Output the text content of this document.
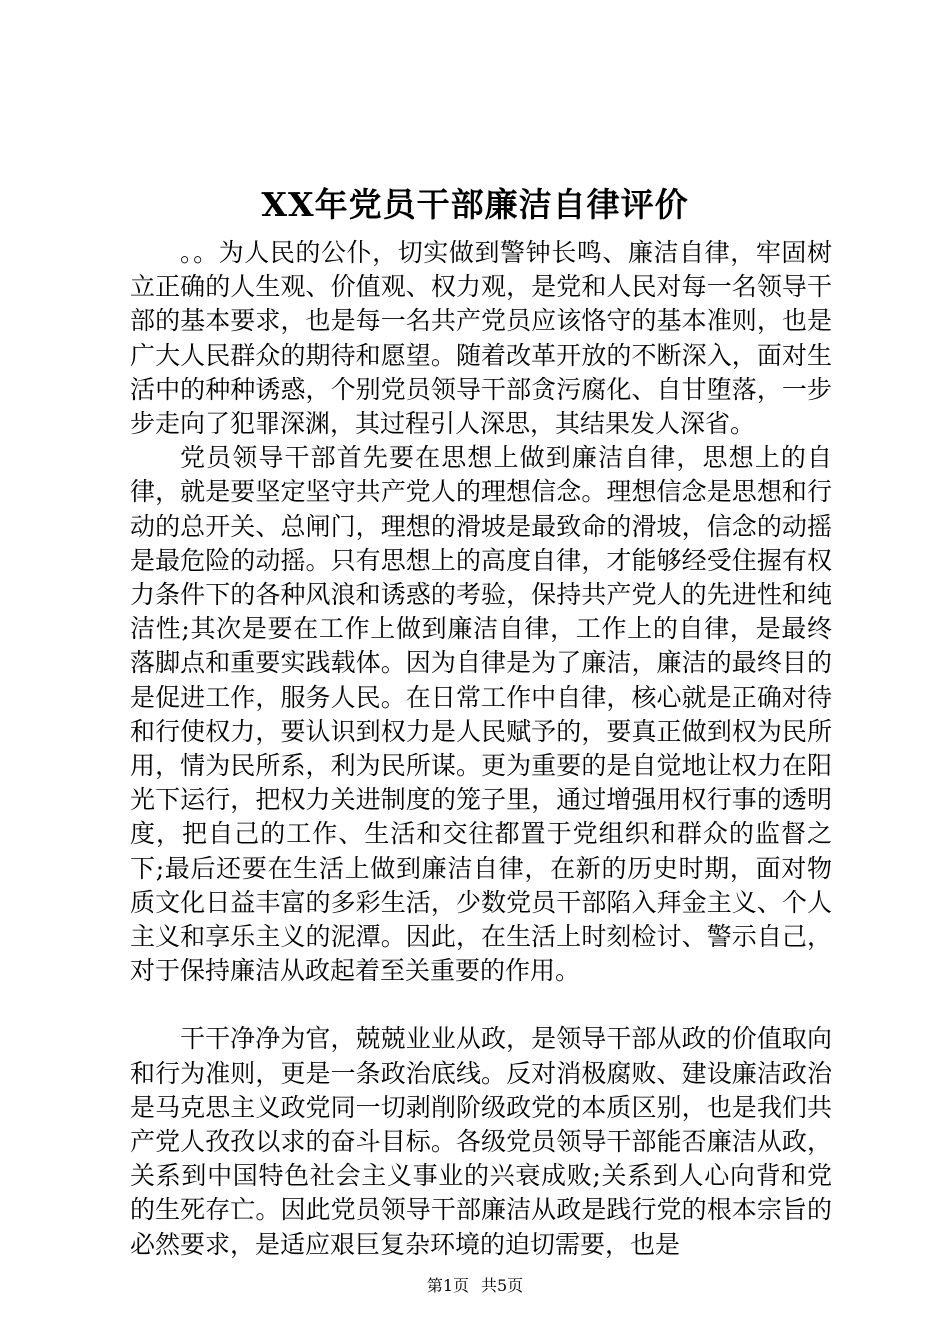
XX年党员干部廉洁自律评价

。。为人民的公仆，切实做到警钟长鸣、廉洁自律，牢固树立正确的人生观、价值观、权力观，是党和人民对每一名领导干部的基本要求，也是每一名共产党员应该恪守的基本准则，也是广大人民群众的期待和愿望。随着改革开放的不断深入，面对生活中的种种诱惑，个别党员领导干部贪污腐化、自甘堕落，一步步走向了犯罪深渊，其过程引人深思，其结果发人深省。

党员领导干部首先要在思想上做到廉洁自律，思想上的自律，就是要坚定坚守共产党人的理想信念。理想信念是思想和行动的总开关、总闸门，理想的滑坡是最致命的滑坡，信念的动摇是最危险的动摇。只有思想上的高度自律，才能够经受住握有权力条件下的各种风浪和诱惑的考验，保持共产党人的先进性和纯洁性;其次是要在工作上做到廉洁自律，工作上的自律，是最终落脚点和重要实践载体。因为自律是为了廉洁，廉洁的最终目的是促进工作，服务人民。在日常工作中自律，核心就是正确对待和行使权力，要认识到权力是人民赋予的，要真正做到权为民所用，情为民所系，利为民所谋。更为重要的是自觉地让权力在阳光下运行，把权力关进制度的笼子里，通过增强用权行事的透明度，把自己的工作、生活和交往都置于党组织和群众的监督之下;最后还要在生活上做到廉洁自律，在新的历史时期，面对物质文化日益丰富的多彩生活，少数党员干部陷入拜金主义、个人主义和享乐主义的泥潭。因此，在生活上时刻检讨、警示自己，对于保持廉洁从政起着至关重要的作用。

干干净净为官，兢兢业业从政，是领导干部从政的价值取向和行为准则，更是一条政治底线。反对消极腐败、建设廉洁政治是马克思主义政党同一切剥削阶级政党的本质区别，也是我们共产党人孜孜以求的奋斗目标。各级党员领导干部能否廉洁从政，关系到中国特色社会主义事业的兴衰成败;关系到人心向背和党的生死存亡。因此党员领导干部廉洁从政是践行党的根本宗旨的必然要求，是适应艰巨复杂环境的迫切需要，也是

第1页 共5页
